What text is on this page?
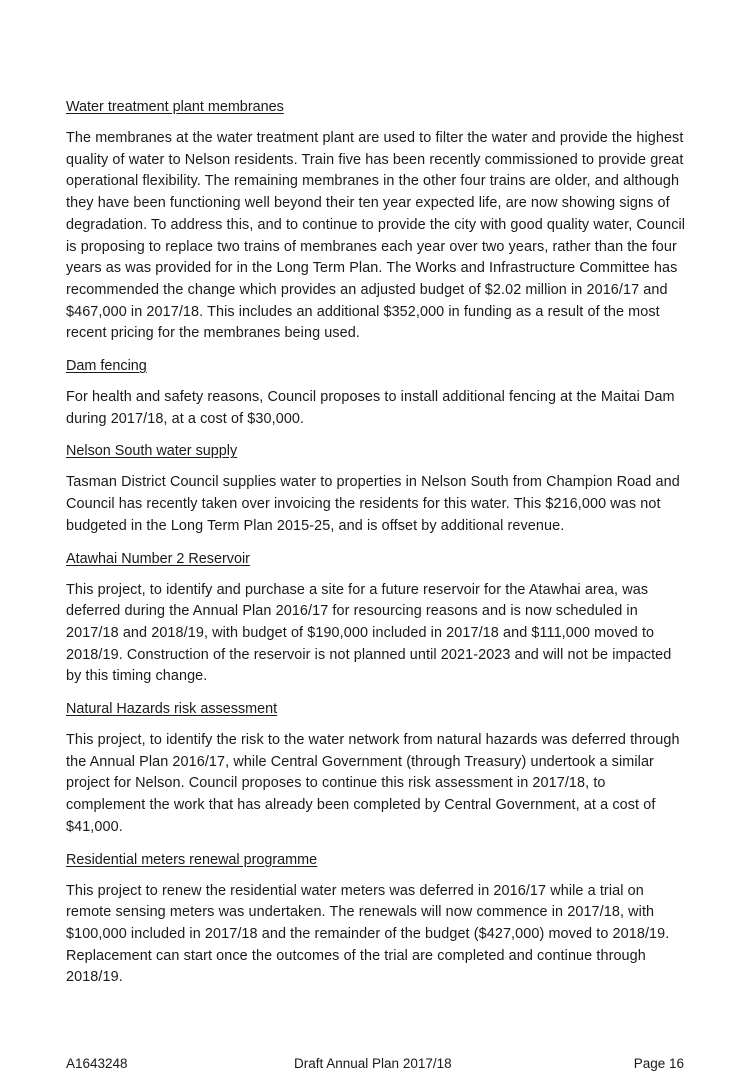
Water treatment plant membranes

The membranes at the water treatment plant are used to filter the water and provide the highest quality of water to Nelson residents. Train five has been recently commissioned to provide great operational flexibility. The remaining membranes in the other four trains are older, and although they have been functioning well beyond their ten year expected life, are now showing signs of degradation. To address this, and to continue to provide the city with good quality water, Council is proposing to replace two trains of membranes each year over two years, rather than the four years as was provided for in the Long Term Plan. The Works and Infrastructure Committee has recommended the change which provides an adjusted budget of $2.02 million in 2016/17 and $467,000 in 2017/18. This includes an additional $352,000 in funding as a result of the most recent pricing for the membranes being used.

Dam fencing

For health and safety reasons, Council proposes to install additional fencing at the Maitai Dam during 2017/18, at a cost of $30,000.

Nelson South water supply

Tasman District Council supplies water to properties in Nelson South from Champion Road and Council has recently taken over invoicing the residents for this water. This $216,000 was not budgeted in the Long Term Plan 2015-25, and is offset by additional revenue.

Atawhai Number 2 Reservoir

This project, to identify and purchase a site for a future reservoir for the Atawhai area, was deferred during the Annual Plan 2016/17 for resourcing reasons and is now scheduled in 2017/18 and 2018/19, with budget of $190,000 included in 2017/18 and $111,000 moved to 2018/19. Construction of the reservoir is not planned until 2021-2023 and will not be impacted by this timing change.

Natural Hazards risk assessment

This project, to identify the risk to the water network from natural hazards was deferred through the Annual Plan 2016/17, while Central Government (through Treasury) undertook a similar project for Nelson. Council proposes to continue this risk assessment in 2017/18, to complement the work that has already been completed by Central Government, at a cost of $41,000.

Residential meters renewal programme

This project to renew the residential water meters was deferred in 2016/17 while a trial on remote sensing meters was undertaken. The renewals will now commence in 2017/18, with $100,000 included in 2017/18 and the remainder of the budget ($427,000) moved to 2018/19. Replacement can start once the outcomes of the trial are completed and continue through 2018/19.

A1643248	Draft Annual Plan 2017/18	Page 16
